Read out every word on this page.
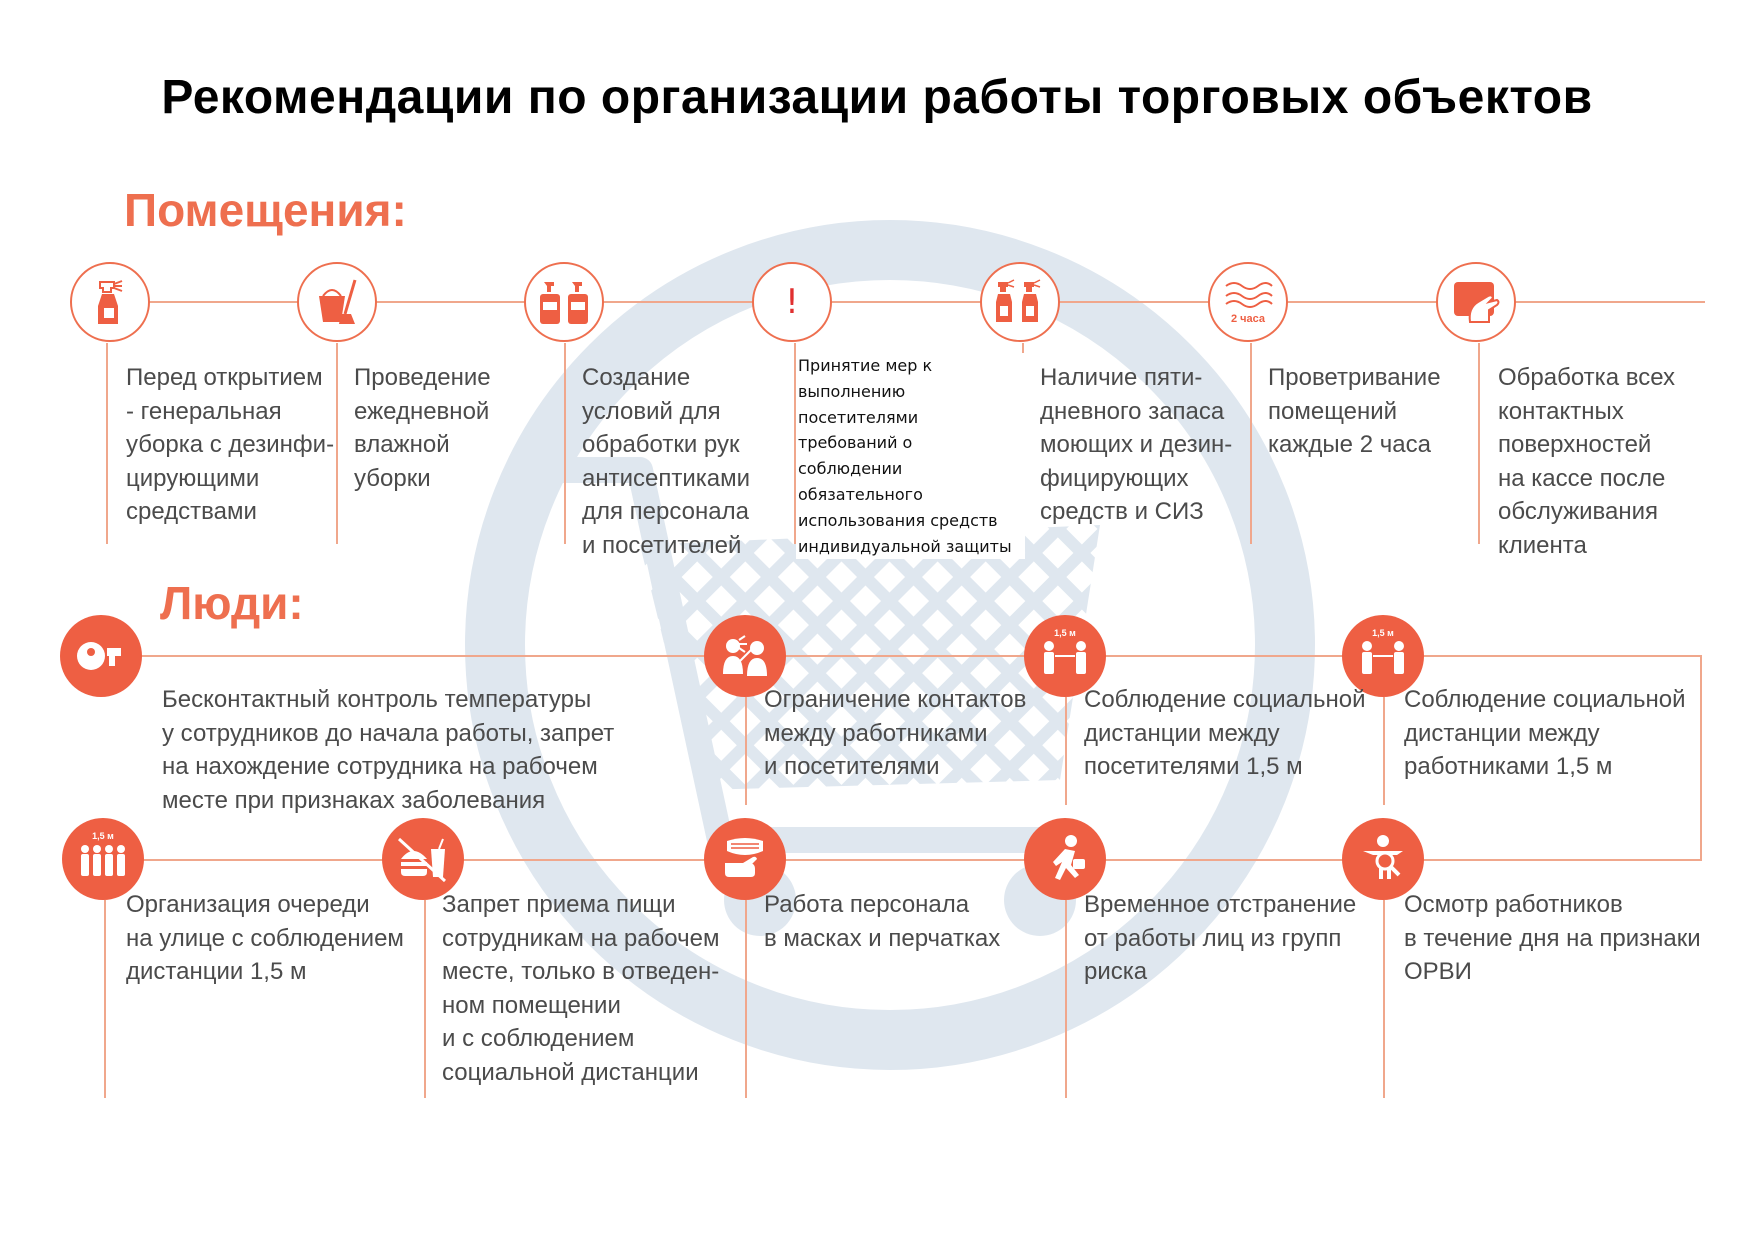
Рекомендации по организации работы торговых объектов
Помещения:
!	2 часа
Перед открытием
- генеральная
уборка с дезинфи-
цирующими
средствами
Проведение
ежедневной
влажной
уборки
Создание
условий для
обработки рук
антисептиками
для персонала
и посетителей
Принятие мер к
выполнению
посетителями
требований о
соблюдении
обязательного
использования средств
индивидуальной защиты
Наличие пяти-
дневного запаса
моющих и дезин-
фицирующих
средств и СИЗ
Проветривание
помещений
каждые 2 часа
Обработка всех
контактных
поверхностей
на кассе после
обслуживания
клиента
Люди:
1,5 м	1,5 м
Бесконтактный контроль температуры
у сотрудников до начала работы, запрет
на нахождение сотрудника на рабочем
месте при признаках заболевания
Ограничение контактов
между работниками
и посетителями
Соблюдение социальной
дистанции между
посетителями 1,5 м
Соблюдение социальной
дистанции между
работниками 1,5 м
1,5 м
Организация очереди
на улице с соблюдением
дистанции 1,5 м
Запрет приема пищи
сотрудникам на рабочем
месте, только в отведен-
ном помещении
и с соблюдением
социальной дистанции
Работа персонала
в масках и перчатках
Временное отстранение
от работы лиц из групп
риска
Осмотр работников
в течение дня на признаки
ОРВИ
